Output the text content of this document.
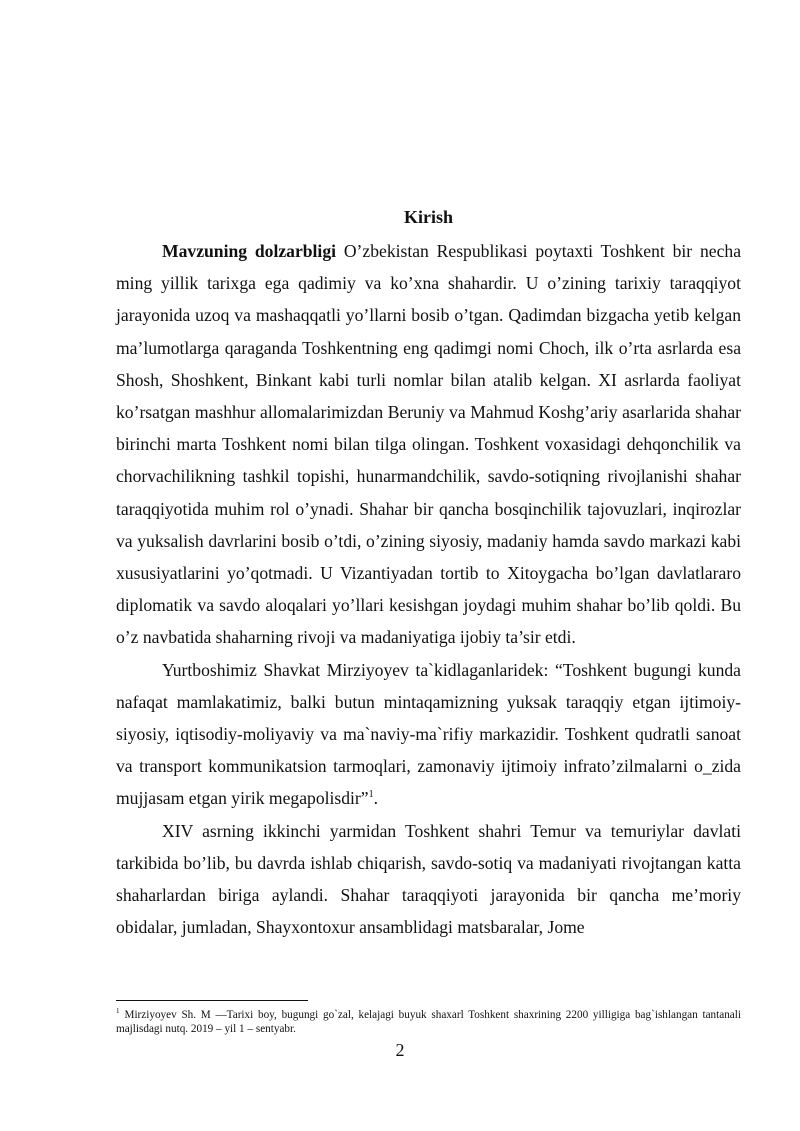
Kirish

Mavzuning dolzarbligi O’zbekistan Respublikasi poytaxti Toshkent bir necha ming yillik tarixga ega qadimiy va ko’xna shahardir. U o’zining tarixiy taraqqiyot jarayonida uzoq va mashaqqatli yo’llarni bosib o’tgan. Qadimdan bizgacha yetib kelgan ma’lumotlarga qaraganda Toshkentning eng qadimgi nomi Choch, ilk o’rta asrlarda esa Shosh, Shoshkent, Binkant kabi turli nomlar bilan atalib kelgan. XI asrlarda faoliyat ko’rsatgan mashhur allomalarimizdan Beruniy va Mahmud Koshg’ariy asarlarida shahar birinchi marta Toshkent nomi bilan tilga olingan. Toshkent voxasidagi dehqonchilik va chorvachilikning tashkil topishi, hunarmandchilik, savdo-sotiqning rivojlanishi shahar taraqqiyotida muhim rol o’ynadi. Shahar bir qancha bosqinchilik tajovuzlari, inqirozlar va yuksalish davrlarini bosib o’tdi, o’zining siyosiy, madaniy hamda savdo markazi kabi xususiyatlarini yo’qotmadi. U Vizantiyadan tortib to Xitoygacha bo’lgan davlatlararo diplomatik va savdo aloqalari yo’llari kesishgan joydagi muhim shahar bo’lib qoldi. Bu o’z navbatida shaharning rivoji va madaniyatiga ijobiy ta’sir etdi.

Yurtboshimiz Shavkat Mirziyoyev ta`kidlaganlaridek: “Toshkent bugungi kunda nafaqat mamlakatimiz, balki butun mintaqamizning yuksak taraqqiy etgan ijtimoiy-siyosiy, iqtisodiy-moliyaviy va ma`naviy-ma`rifiy markazidir. Toshkent qudratli sanoat va transport kommunikatsion tarmoqlari, zamonaviy ijtimoiy infrato’zilmalarni o_zida mujjasam etgan yirik megapolisdir”$^1$.

XIV asrning ikkinchi yarmidan Toshkent shahri Temur va temuriylar davlati tarkibida bo’lib, bu davrda ishlab chiqarish, savdo-sotiq va madaniyati rivojtangan katta shaharlardan biriga aylandi. Shahar taraqqiyoti jarayonida bir qancha me’moriy obidalar, jumladan, Shayxontoxur ansamblidagi matsbaralar, Jome

$^1$ Mirziyoyev Sh. M —Tarixi boy, bugungi go`zal, kelajagi buyuk shaxarl Toshkent shaxrining 2200 yilligiga bag`ishlangan tantanali majlisdagi nutq. 2019 – yil 1 – sentyabr.
2
